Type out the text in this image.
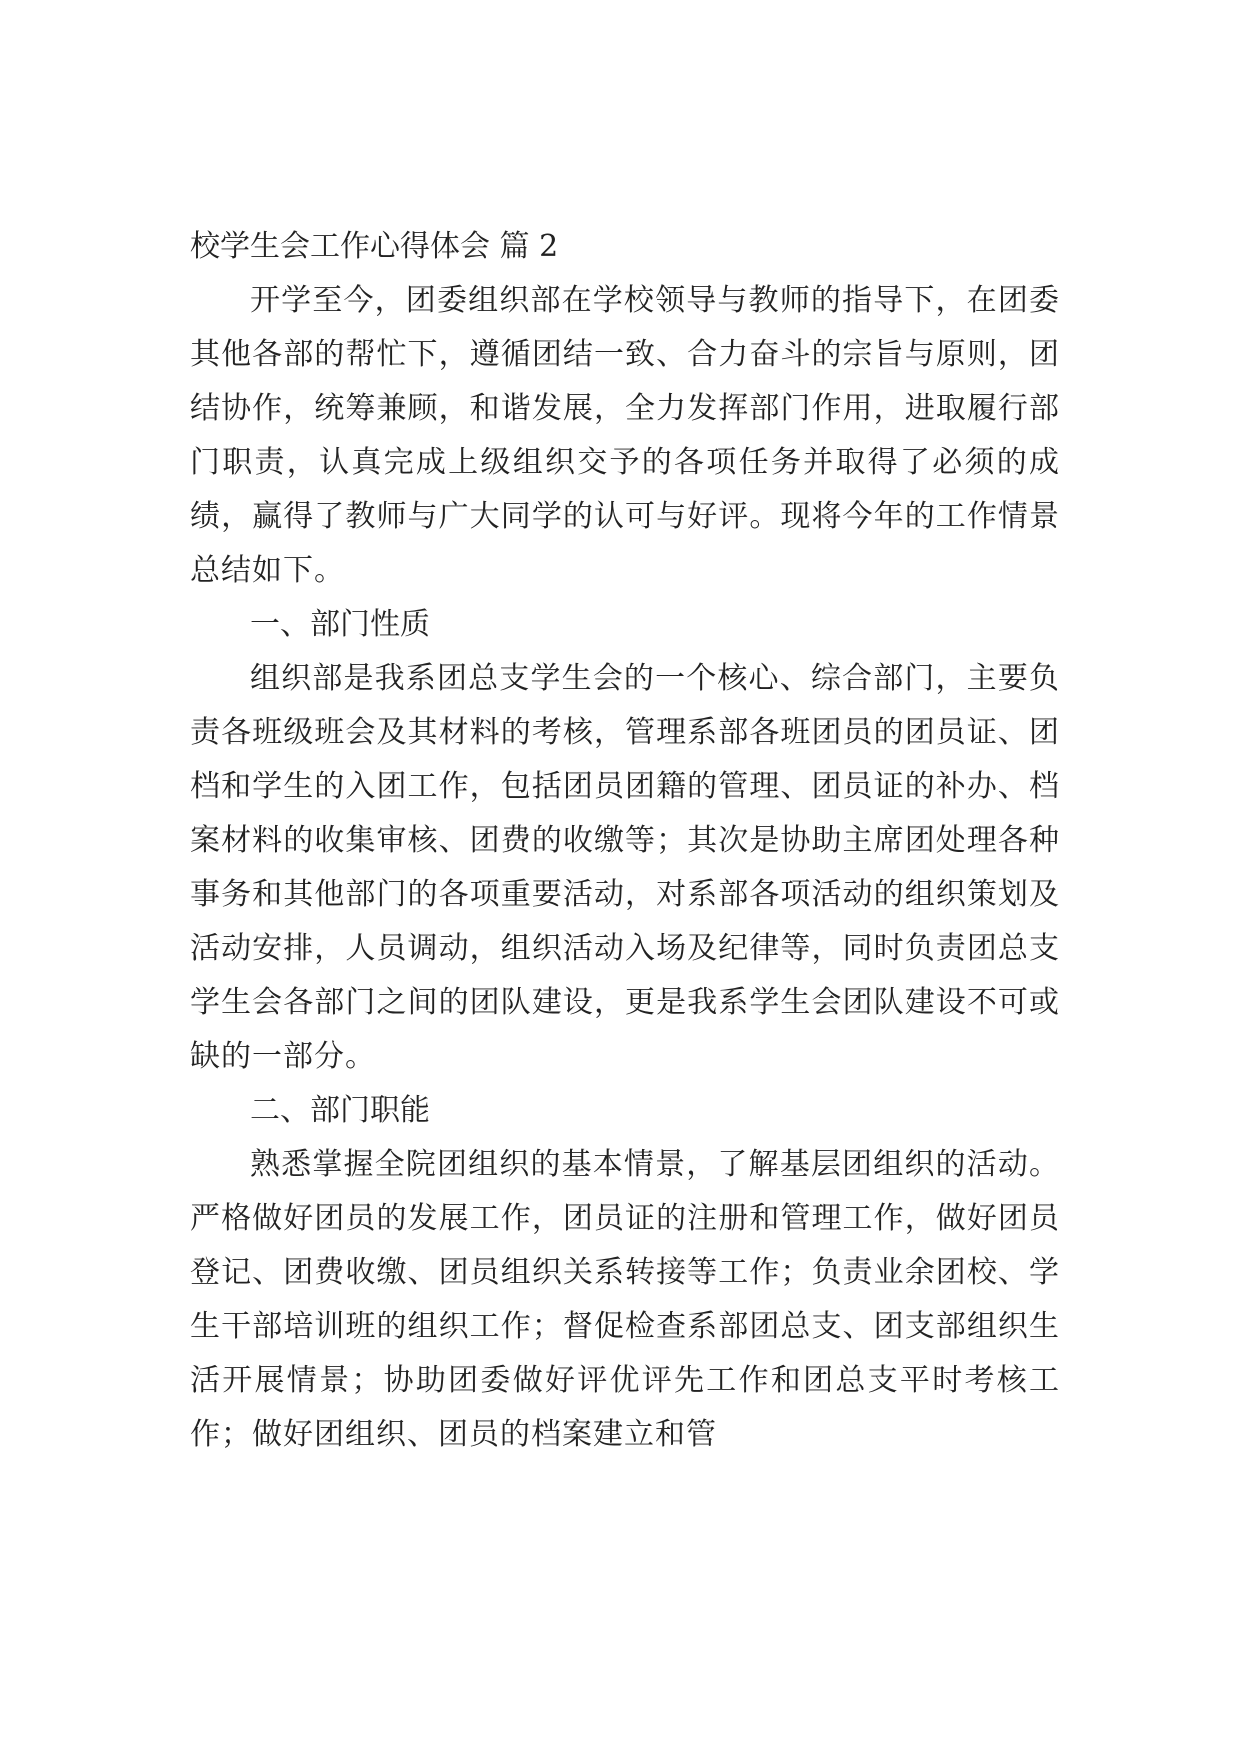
校学生会工作心得体会 篇 2

开学至今，团委组织部在学校领导与教师的指导下，在团委其他各部的帮忙下，遵循团结一致、合力奋斗的宗旨与原则，团结协作，统筹兼顾，和谐发展，全力发挥部门作用，进取履行部门职责，认真完成上级组织交予的各项任务并取得了必须的成绩，赢得了教师与广大同学的认可与好评。现将今年的工作情景总结如下。

一、部门性质

组织部是我系团总支学生会的一个核心、综合部门，主要负责各班级班会及其材料的考核，管理系部各班团员的团员证、团档和学生的入团工作，包括团员团籍的管理、团员证的补办、档案材料的收集审核、团费的收缴等；其次是协助主席团处理各种事务和其他部门的各项重要活动，对系部各项活动的组织策划及活动安排，人员调动，组织活动入场及纪律等，同时负责团总支学生会各部门之间的团队建设，更是我系学生会团队建设不可或缺的一部分。

二、部门职能

熟悉掌握全院团组织的基本情景，了解基层团组织的活动。严格做好团员的发展工作，团员证的注册和管理工作，做好团员登记、团费收缴、团员组织关系转接等工作；负责业余团校、学生干部培训班的组织工作；督促检查系部团总支、团支部组织生活开展情景；协助团委做好评优评先工作和团总支平时考核工作；做好团组织、团员的档案建立和管
